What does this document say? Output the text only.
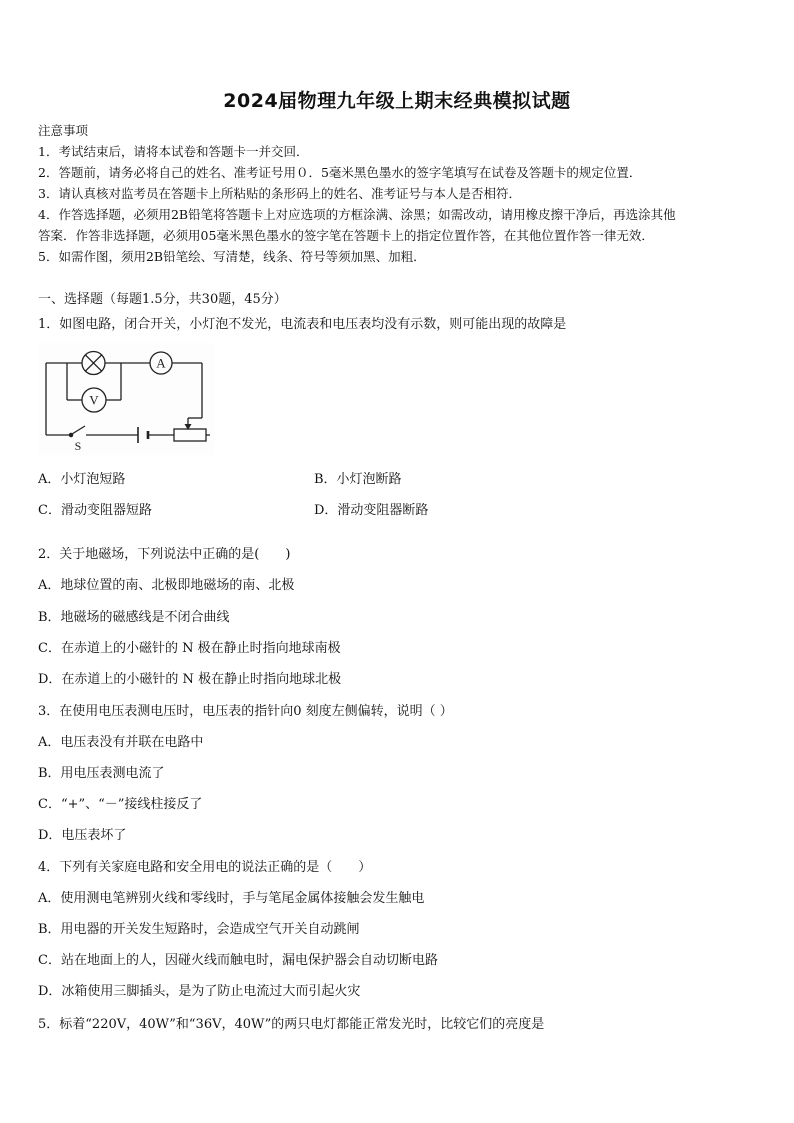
2024届物理九年级上期末经典模拟试题
注意事项
1．考试结束后，请将本试卷和答题卡一并交回．
2．答题前，请务必将自己的姓名、准考证号用０．5毫米黑色墨水的签字笔填写在试卷及答题卡的规定位置．
3．请认真核对监考员在答题卡上所粘贴的条形码上的姓名、准考证号与本人是否相符．
4．作答选择题，必须用2B铅笔将答题卡上对应选项的方框涂满、涂黑；如需改动，请用橡皮擦干净后，再选涂其他
答案．作答非选择题，必须用05毫米黑色墨水的签字笔在答题卡上的指定位置作答，在其他位置作答一律无效．
5．如需作图，须用2B铅笔绘、写清楚，线条、符号等须加黑、加粗．
一、选择题（每题1.5分，共30题，45分）
1．如图电路，闭合开关，小灯泡不发光，电流表和电压表均没有示数，则可能出现的故障是
A
V
S
A．小灯泡短路	B．小灯泡断路
C．滑动变阻器短路	D．滑动变阻器断路
2．关于地磁场，下列说法中正确的是(　　)
A．地球位置的南、北极即地磁场的南、北极
B．地磁场的磁感线是不闭合曲线
C．在赤道上的小磁针的 N 极在静止时指向地球南极
D．在赤道上的小磁针的 N 极在静止时指向地球北极
3．在使用电压表测电压时，电压表的指针向0 刻度左侧偏转，说明（ ）
A．电压表没有并联在电路中
B．用电压表测电流了
C．“+”、“－”接线柱接反了
D．电压表坏了
4．下列有关家庭电路和安全用电的说法正确的是（　　）
A．使用测电笔辨别火线和零线时，手与笔尾金属体接触会发生触电
B．用电器的开关发生短路时，会造成空气开关自动跳闸
C．站在地面上的人，因碰火线而触电时，漏电保护器会自动切断电路
D．冰箱使用三脚插头，是为了防止电流过大而引起火灾
5．标着“220V，40W”和“36V，40W”的两只电灯都能正常发光时，比较它们的亮度是
